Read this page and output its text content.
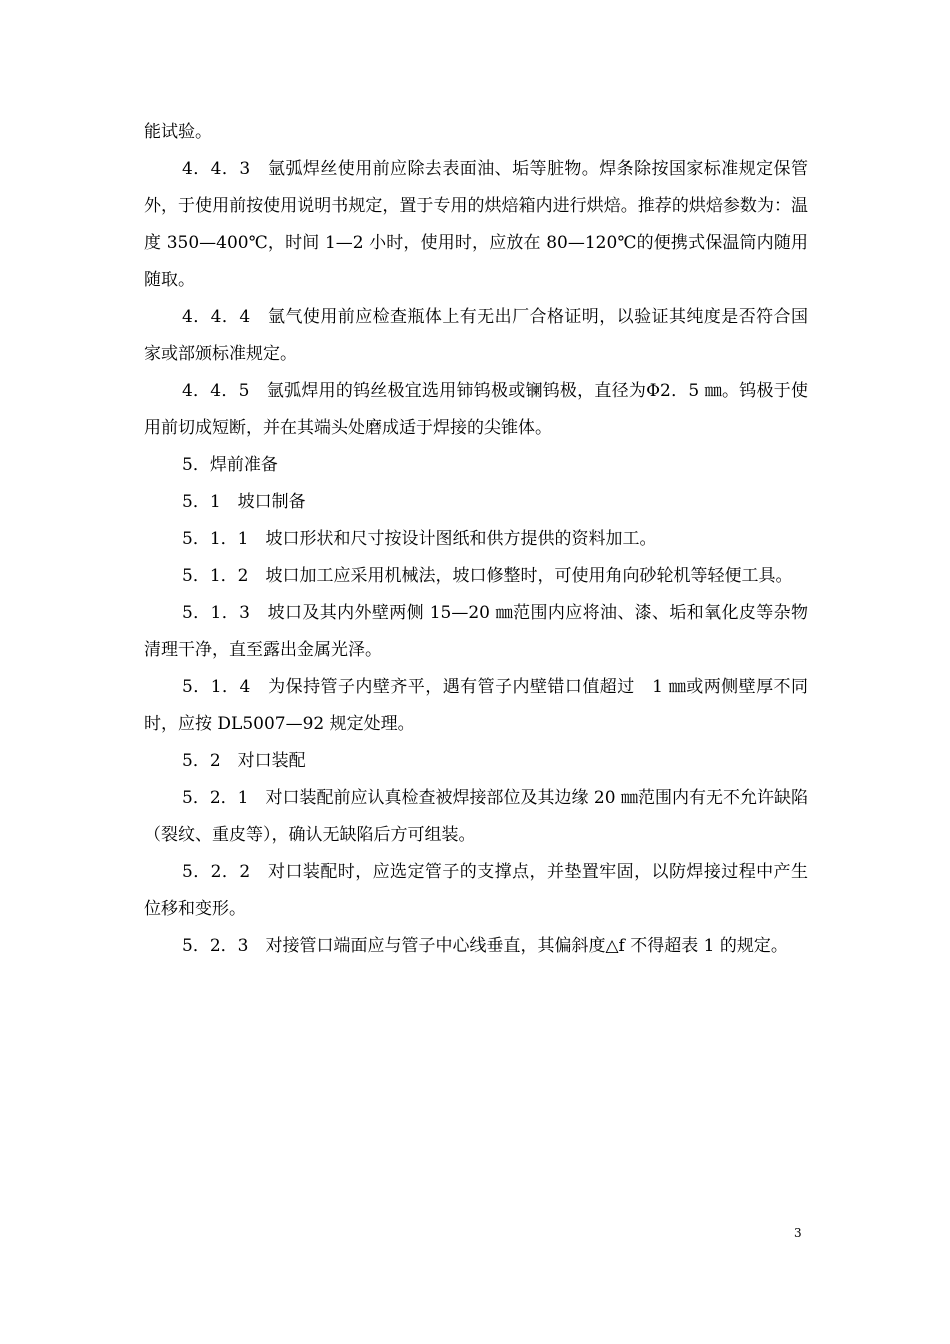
能试验。

4．4．3　氩弧焊丝使用前应除去表面油、垢等脏物。焊条除按国家标准规定保管外，于使用前按使用说明书规定，置于专用的烘焙箱内进行烘焙。推荐的烘焙参数为：温度 350—400℃，时间 1—2 小时，使用时，应放在 80—120℃的便携式保温筒内随用随取。

4．4．4　氩气使用前应检查瓶体上有无出厂合格证明，以验证其纯度是否符合国家或部颁标准规定。

4．4．5　氩弧焊用的钨丝极宜选用铈钨极或镧钨极，直径为Φ2．5 ㎜。钨极于使用前切成短断，并在其端头处磨成适于焊接的尖锥体。

5．焊前准备

5．1　坡口制备

5．1．1　坡口形状和尺寸按设计图纸和供方提供的资料加工。

5．1．2　坡口加工应采用机械法，坡口修整时，可使用角向砂轮机等轻便工具。

5．1．3　坡口及其内外壁两侧 15—20 ㎜范围内应将油、漆、垢和氧化皮等杂物清理干净，直至露出金属光泽。

5．1．4　为保持管子内壁齐平，遇有管子内壁错口值超过　1 ㎜或两侧壁厚不同时，应按 DL5007—92 规定处理。

5．2　对口装配

5．2．1　对口装配前应认真检查被焊接部位及其边缘 20 ㎜范围内有无不允许缺陷（裂纹、重皮等），确认无缺陷后方可组装。

5．2．2　对口装配时，应选定管子的支撑点，并垫置牢固，以防焊接过程中产生位移和变形。

5．2．3　对接管口端面应与管子中心线垂直，其偏斜度△f 不得超表 1 的规定。

3
